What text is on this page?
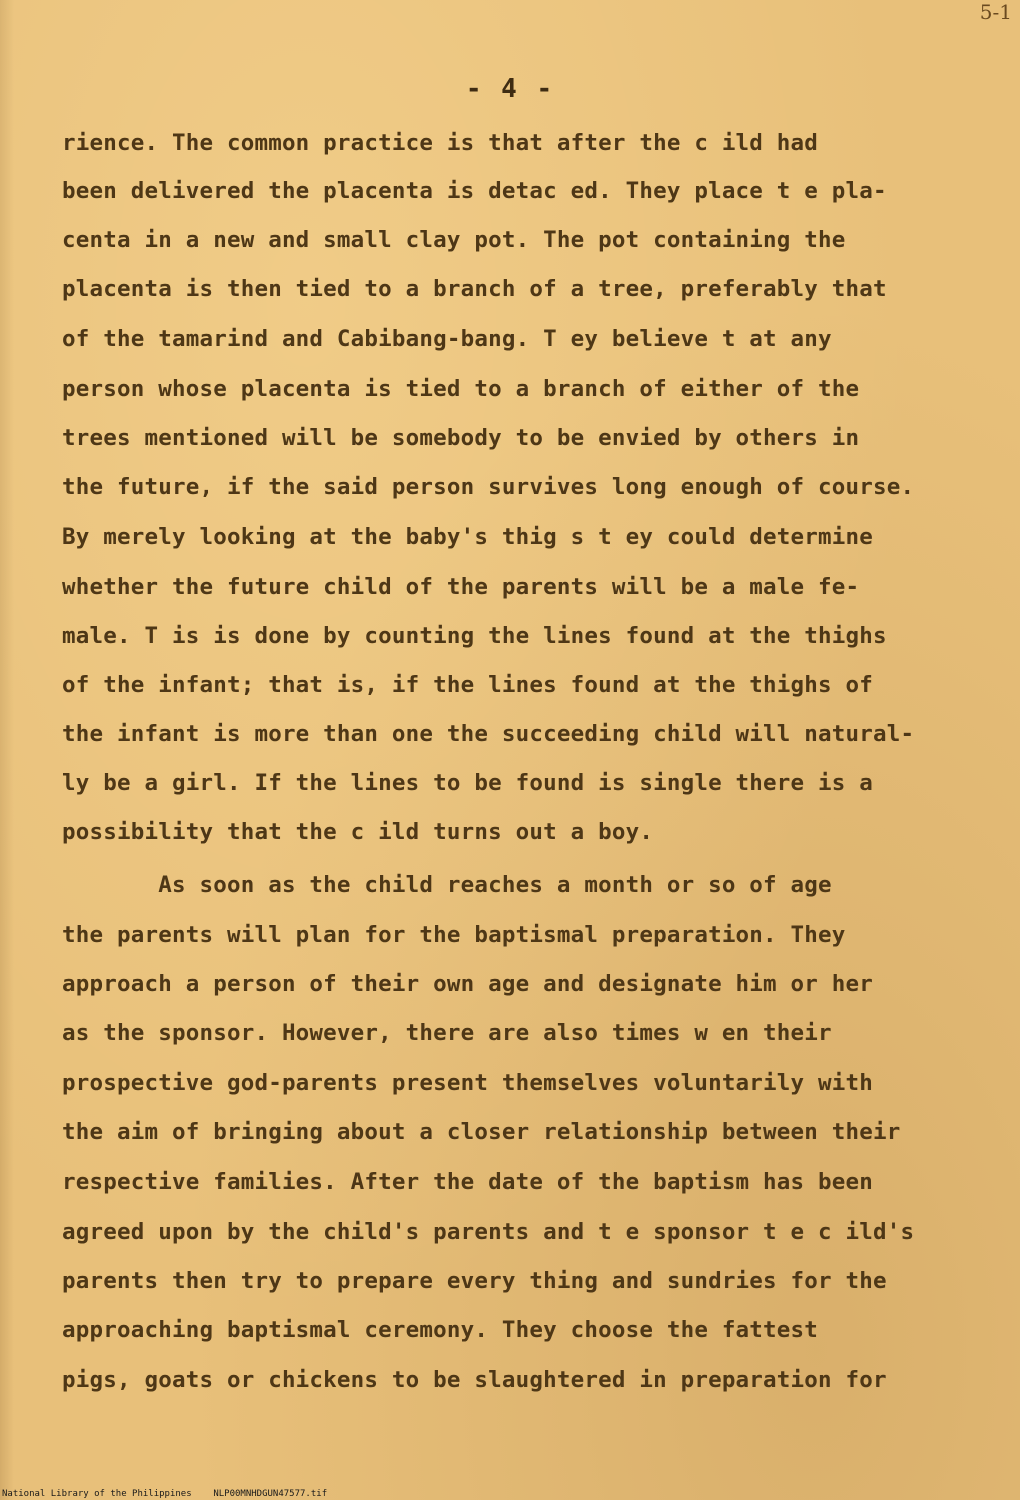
5-1
- 4 -
rience. The common practice is that after the c ild had
been delivered the placenta is detac ed. They place t e pla-
centa in a new and small clay pot. The pot containing the
placenta is then tied to a branch of a tree, preferably that
of the tamarind and Cabibang-bang. T ey believe t at any
person whose placenta is tied to a branch of either of the
trees mentioned will be somebody to be envied by others in
the future, if the said person survives long enough of course.
By merely looking at the baby's thig s t ey could determine
whether the future child of the parents will be a male fe-
male. T is is done by counting the lines found at the thighs
of the infant; that is, if the lines found at the thighs of
the infant is more than one the succeeding child will natural-
ly be a girl. If the lines to be found is single there is a
possibility that the c ild turns out a boy.
As soon as the child reaches a month or so of age
the parents will plan for the baptismal preparation. They
approach a person of their own age and designate him or her
as the sponsor. However, there are also times w en their
prospective god-parents present themselves voluntarily with
the aim of bringing about a closer relationship between their
respective families. After the date of the baptism has been
agreed upon by the child's parents and t e sponsor t e c ild's
parents then try to prepare every thing and sundries for the
approaching baptismal ceremony. They choose the fattest
pigs, goats or chickens to be slaughtered in preparation for
National Library of the Philippines    NLP00MNHDGUN47577.tif
